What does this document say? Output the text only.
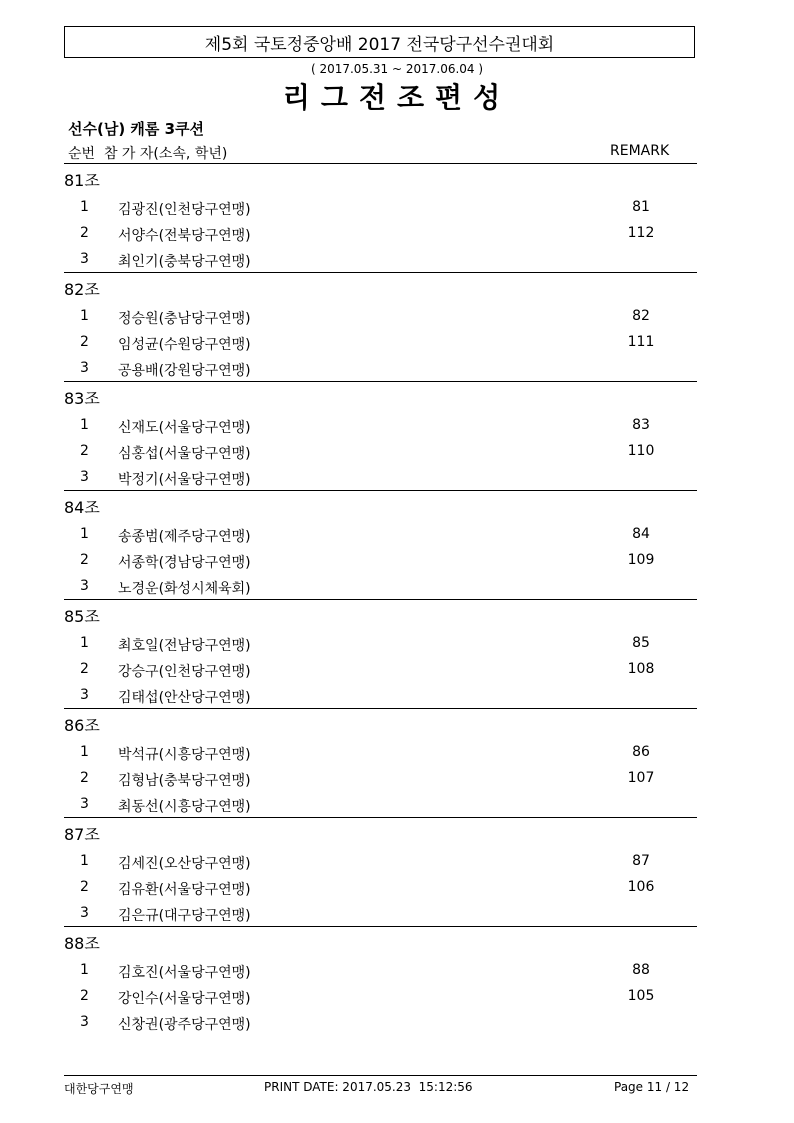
제5회 국토정중앙배 2017 전국당구선수권대회
( 2017.05.31 ~ 2017.06.04 )
리그전조편성
선수(남) 캐롬 3쿠션
순번  참 가 자(소속, 학년)	REMARK
81조
1 김광진(인천당구연맹)	81
2 서양수(전북당구연맹)	112
3 최인기(충북당구연맹)
82조
1 정승원(충남당구연맹)	82
2 임성균(수원당구연맹)	111
3 공용배(강원당구연맹)
83조
1 신재도(서울당구연맹)	83
2 심홍섭(서울당구연맹)	110
3 박정기(서울당구연맹)
84조
1 송종범(제주당구연맹)	84
2 서종학(경남당구연맹)	109
3 노경운(화성시체육회)
85조
1 최호일(전남당구연맹)	85
2 강승구(인천당구연맹)	108
3 김태섭(안산당구연맹)
86조
1 박석규(시흥당구연맹)	86
2 김형남(충북당구연맹)	107
3 최동선(시흥당구연맹)
87조
1 김세진(오산당구연맹)	87
2 김유환(서울당구연맹)	106
3 김은규(대구당구연맹)
88조
1 김호진(서울당구연맹)	88
2 강인수(서울당구연맹)	105
3 신창권(광주당구연맹)
대한당구연맹	PRINT DATE: 2017.05.23  15:12:56	Page 11 / 12
